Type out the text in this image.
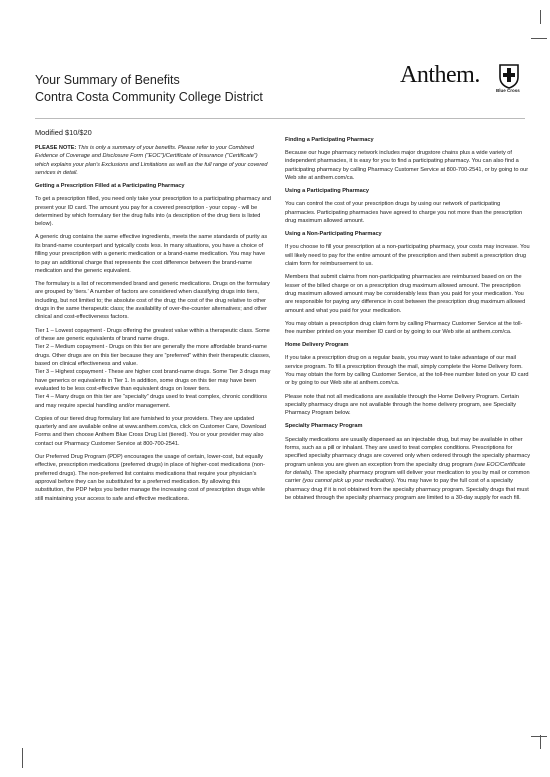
Your Summary of Benefits
Contra Costa Community College District
Anthem.
Blue Cross
Modified $10/$20

PLEASE NOTE: This is only a summary of your benefits. Please refer to your Combined Evidence of Coverage and Disclosure Form (“EOC”)/Certificate of Insurance (“Certificate”) which explains your plan’s Exclusions and Limitations as well as the full range of your covered services in detail.

Getting a Prescription Filled at a Participating Pharmacy

To get a prescription filled, you need only take your prescription to a participating pharmacy and present your ID card. The amount you pay for a covered prescription - your copay - will be determined by which formulary tier the drug falls into (a description of the drug tiers is listed below).

A generic drug contains the same effective ingredients, meets the same standards of purity as its brand-name counterpart and typically costs less. In many situations, you have a choice of filling your prescription with a generic medication or a brand-name medication. You may have to pay an additional charge that represents the cost difference between the brand-name medication and the generic equivalent.

The formulary is a list of recommended brand and generic medications. Drugs on the formulary are grouped by ‘tiers.’ A number of factors are considered when classifying drugs into tiers, including, but not limited to; the absolute cost of the drug; the cost of the drug relative to other drugs in the same therapeutic class; the availability of over-the-counter alternatives; and other clinical and cost-effectiveness factors.

Tier 1 – Lowest copayment - Drugs offering the greatest value within a therapeutic class. Some of these are generic equivalents of brand name drugs.

Tier 2 – Medium copayment - Drugs on this tier are generally the more affordable brand-name drugs. Other drugs are on this tier because they are “preferred” within their therapeutic classes, based on clinical effectiveness and value.

Tier 3 – Highest copayment - These are higher cost brand-name drugs. Some Tier 3 drugs may have generics or equivalents in Tier 1. In addition, some drugs on this tier may have been evaluated to be less cost-effective than equivalent drugs on lower tiers.

Tier 4 – Many drugs on this tier are “specialty” drugs used to treat complex, chronic conditions and may require special handling and/or management.

Copies of our tiered drug formulary list are furnished to your providers. They are updated quarterly and are available online at www.anthem.com/ca, click on Customer Care, Download Forms and then choose Anthem Blue Cross Drug List (tiered). You or your provider may also contact our Pharmacy Customer Service at 800-700-2541.

Our Preferred Drug Program (PDP) encourages the usage of certain, lower-cost, but equally effective, prescription medications (preferred drugs) in place of higher-cost medications (non-preferred drugs). The non-preferred list contains medications that require your physician’s approval before they can be substituted for a preferred medication. By allowing this substitution, the PDP helps you better manage the increasing cost of prescription drugs while still maintaining your access to safe and effective medications.

Finding a Participating Pharmacy

Because our huge pharmacy network includes major drugstore chains plus a wide variety of independent pharmacies, it is easy for you to find a participating pharmacy. You can also find a participating pharmacy by calling Pharmacy Customer Service at 800-700-2541, or by going to our Web site at anthem.com/ca.

Using a Participating Pharmacy

You can control the cost of your prescription drugs by using our network of participating pharmacies. Participating pharmacies have agreed to charge you not more than the prescription drug maximum allowed amount.

Using a Non-Participating Pharmacy

If you choose to fill your prescription at a non-participating pharmacy, your costs may increase. You will likely need to pay for the entire amount of the prescription and then submit a prescription drug claim form for reimbursement to us.

Members that submit claims from non-participating pharmacies are reimbursed based on on the lesser of the billed charge or on a prescription drug maximum allowed amount. The prescription drug maximum allowed amount may be considerably less than you paid for your medication. You are responsible for paying any difference in cost between the prescription drug maximum allowed amount and what you paid for your medication.

You may obtain a prescription drug claim form by calling Pharmacy Customer Service at the toll-free number printed on your member ID card or by going to our Web site at anthem.com/ca.

Home Delivery Program

If you take a prescription drug on a regular basis, you may want to take advantage of our mail service program. To fill a prescription through the mail, simply complete the Home Delivery form. You may obtain the form by calling Customer Service, at the toll-free number listed on your ID card or by going to our Web site at anthem.com/ca.

Please note that not all medications are available through the Home Delivery Program. Certain specialty pharmacy drugs are not available through the home delivery program, see Specialty Pharmacy Program below.

Specialty Pharmacy Program

Specialty medications are usually dispensed as an injectable drug, but may be available in other forms, such as a pill or inhalant. They are used to treat complex conditions. Prescriptions for specified specialty pharmacy drugs are covered only when ordered through the specialty pharmacy program unless you are given an exception from the specialty drug program (see EOC/Certificate for details). The specialty pharmacy program will deliver your medication to you by mail or common carrier (you cannot pick up your medication). You may have to pay the full cost of a specialty pharmacy drug if it is not obtained from the specialty pharmacy program. Specialty drugs that must be obtained through the specialty pharmacy program are limited to a 30-day supply for each fill.
